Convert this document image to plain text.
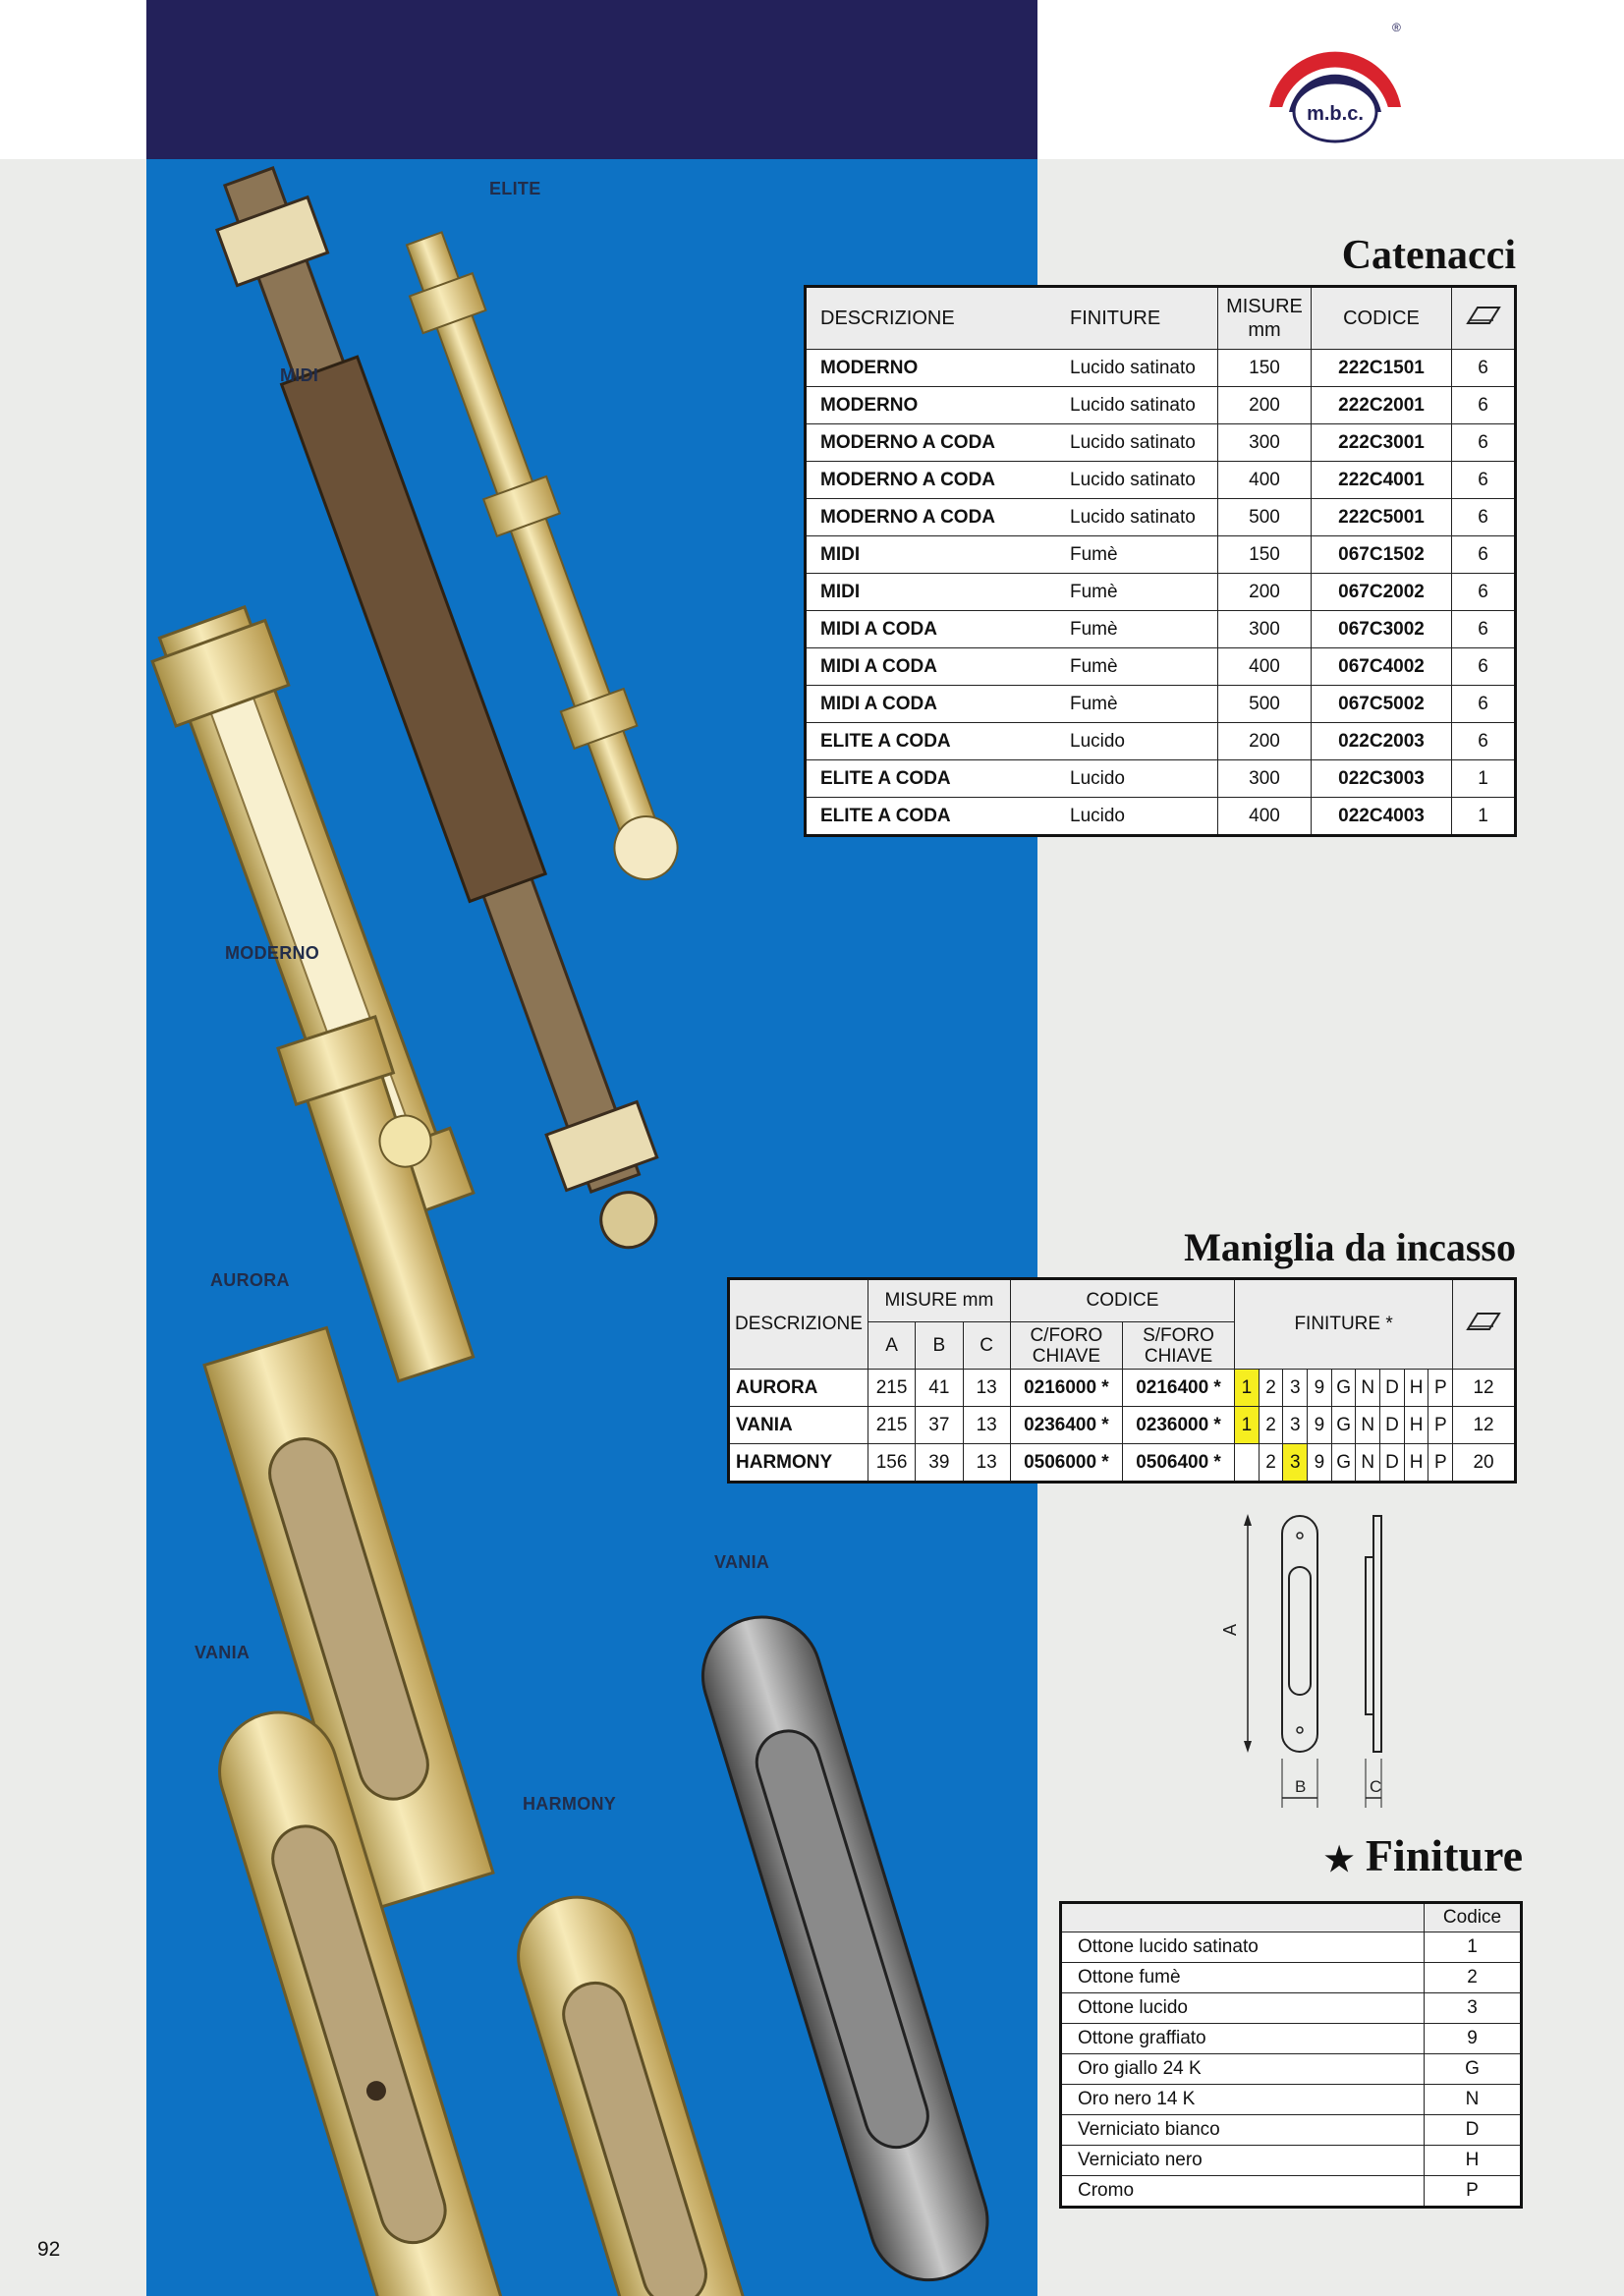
m.b.c.
®
ELITE
MIDI
MODERNO
AURORA
VANIA
VANIA
HARMONY
Catenacci
DESCRIZIONE	FINITURE	MISURE
mm	CODICE	
MODERNO	Lucido satinato	150	222C1501	6
MODERNO	Lucido satinato	200	222C2001	6
MODERNO A CODA	Lucido satinato	300	222C3001	6
MODERNO A CODA	Lucido satinato	400	222C4001	6
MODERNO A CODA	Lucido satinato	500	222C5001	6
MIDI	Fumè	150	067C1502	6
MIDI	Fumè	200	067C2002	6
MIDI A CODA	Fumè	300	067C3002	6
MIDI A CODA	Fumè	400	067C4002	6
MIDI A CODA	Fumè	500	067C5002	6
ELITE A CODA	Lucido	200	022C2003	6
ELITE A CODA	Lucido	300	022C3003	1
ELITE A CODA	Lucido	400	022C4003	1
Maniglia da incasso
DESCRIZIONE	MISURE mm			CODICE		FINITURE *	
	A	B	C	C/FORO
CHIAVE	S/FORO
CHIAVE										
AURORA	215	41	13	0216000 *	0216400 *	1	2	3	9	G	N	D	H	P	12
VANIA	215	37	13	0236400 *	0236000 *	1	2	3	9	G	N	D	H	P	12
HARMONY	156	39	13	0506000 *	0506400 *		2	3	9	G	N	D	H	P	20
A
B	C
★ Finiture
	Codice
Ottone lucido satinato	1
Ottone fumè	2
Ottone lucido	3
Ottone graffiato	9
Oro giallo 24 K	G
Oro nero 14 K	N
Verniciato bianco	D
Verniciato nero	H
Cromo	P
92
